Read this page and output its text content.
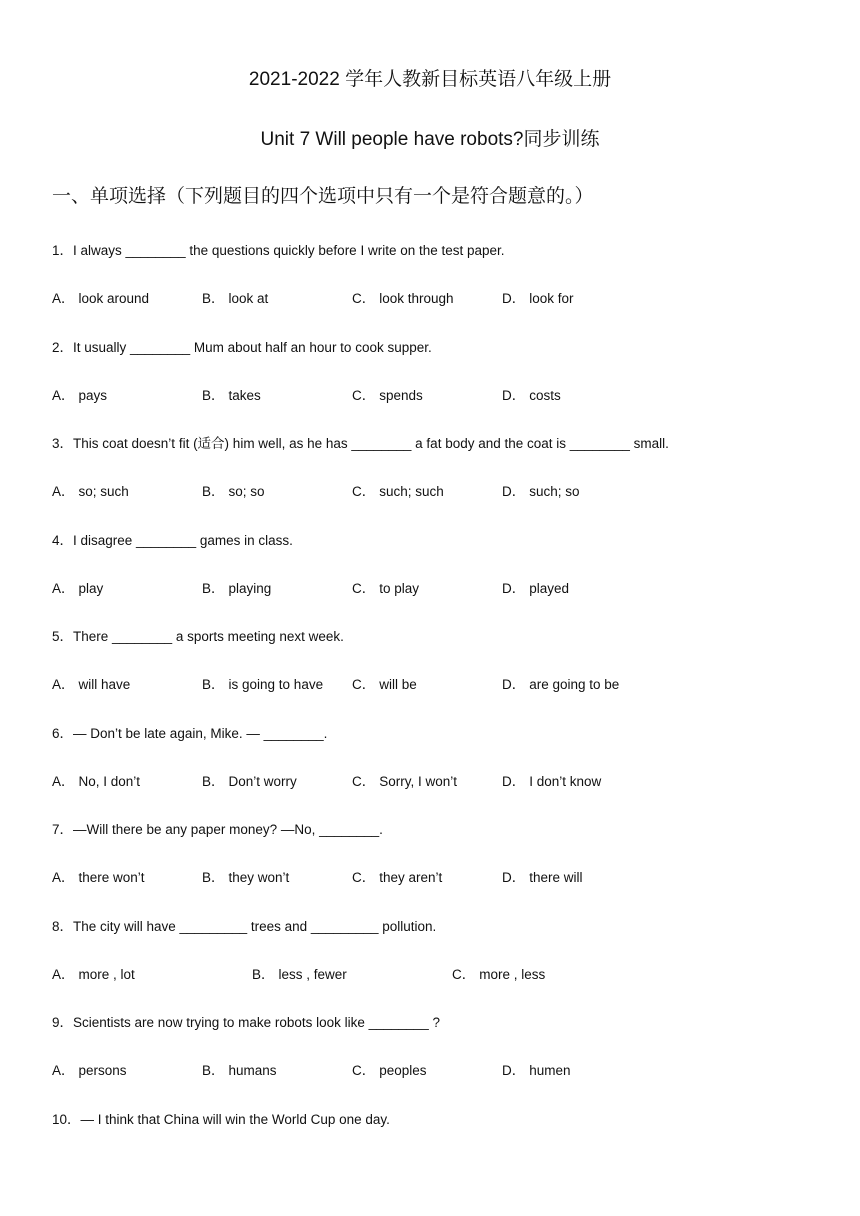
2021-2022 学年人教新目标英语八年级上册
Unit 7 Will people have robots?同步训练
一、单项选择（下列题目的四个选项中只有一个是符合题意的。）
1．I always ________ the questions quickly before I write on the test paper.
A． look around	B． look at	C． look through	D． look for
2．It usually ________ Mum about half an hour to cook supper.
A． pays	B． takes	C． spends	D． costs
3．This coat doesn’t fit (适合) him well, as he has ________ a fat body and the coat is ________ small.
A． so; such	B． so; so	C． such; such	D． such; so
4．I disagree ________ games in class.
A． play	B． playing	C． to play	D． played
5．There ________ a sports meeting next week.
A． will have	B． is going to have C． will be	D． are going to be
6．— Don’t be late again, Mike. — ________.
A． No, I don’t	B． Don’t worry	C． Sorry, I won’t	D． I don’t know
7．—Will there be any paper money? —No, ________.
A． there won’t	B． they won’t	C． they aren’t	D． there will
8．The city will have _________ trees and _________ pollution.
A． more , lot	B． less , fewer	C． more , less
9．Scientists are now trying to make robots look like ________ ?
A． persons	B． humans	C． peoples	D． humen
10．— I think that China will win the World Cup one day.
